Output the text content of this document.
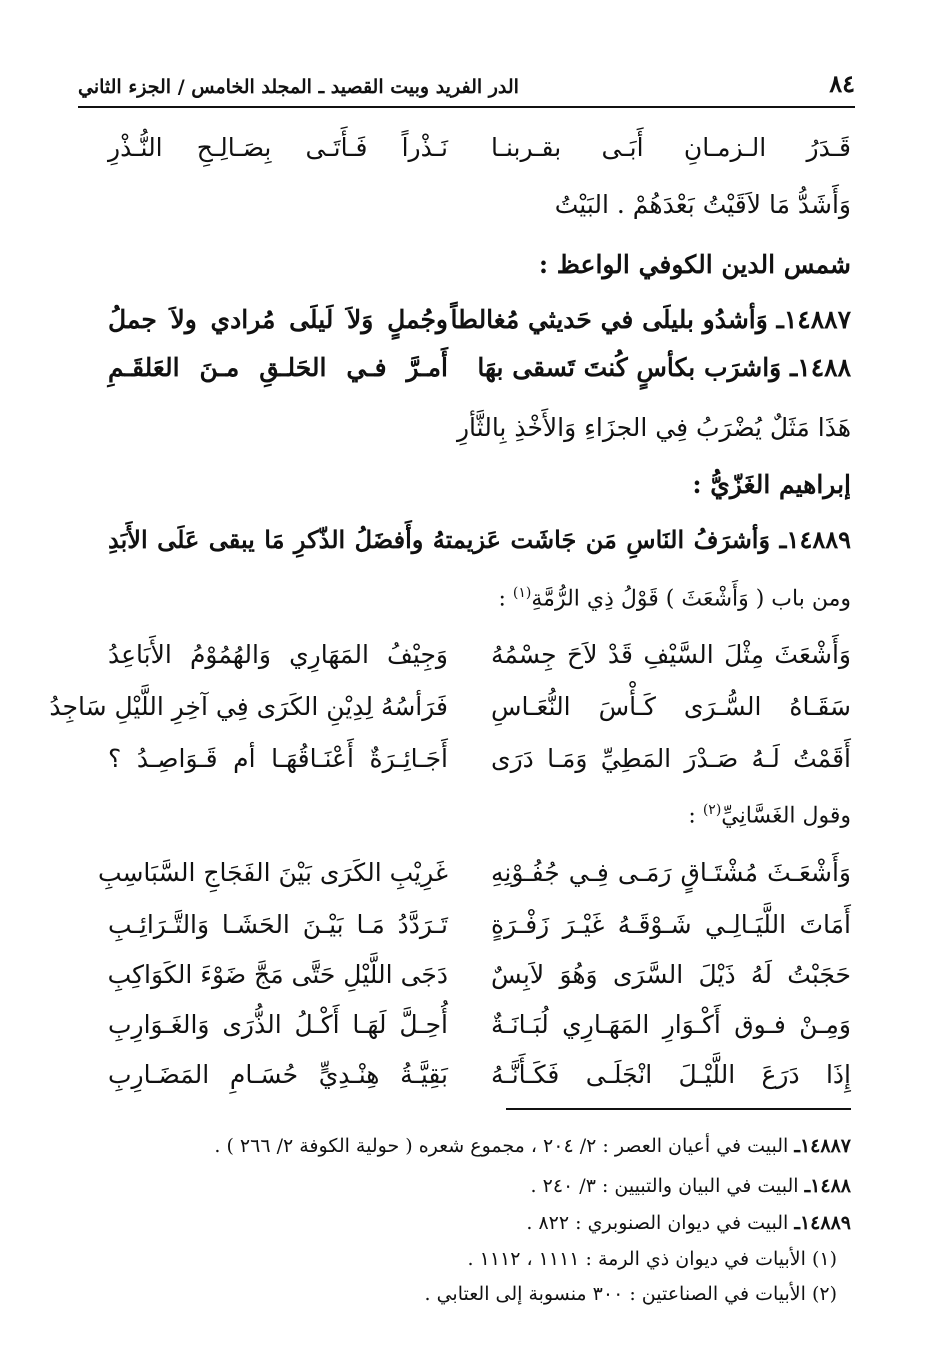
٨٤
الدر الفريد وبيت القصيد ـ المجلد الخامس / الجزء الثاني
قَـدَرُ الـزمـانِ أَبَـى بقـربنـا
نَـذْراً فَـأَتَـى بِصَـالِـحِ النُّـذْرِ
وَأَشَدُّ مَا لاَقَيْتُ بَعْدَهُمْ . البَيْتُ
شمس الدين الكوفي الواعظ :
١٤٨٨٧ـ وَأشدُو بليلَى في حَديثي مُغالطاً
وجُملٍ وَلاَ لَيلَى مُرادي ولاَ جملُ
١٤٨٨ـ وَاشرَب بكأسٍ كُنتَ تَسقى بهَا
أَمـرَّ فـي الحَلـقِ مـنَ العَلقَـمِ
هَذَا مَثَلٌ يُضْرَبُ فِي الجزَاءِ وَالأَخْذِ بِالثَّأرِ
إبراهيم الغَزّيُّ :
١٤٨٨٩ـ وَأشرَفُ النَاسِ مَن جَاشَت عَزيمتهُ وأَفضَلُ الذّكرِ مَا يبقى عَلَى الأَبَدِ
ومن باب ( وَأَشْعَثَ ) قَوْلُ ذِي الرُّمَّةِ$^{(١)}$ :
وَأَشْعَثَ مِثْلَ السَّيْفِ قَدْ لاَحَ جِسْمُهُ
وَجِيْفُ المَهَارِي وَالهُمُوْمُ الأَبَاعِدُ
سَقَـاهُ السُّـرَى كَـأْسَ النُّعَـاسِ
فَرَأسُهُ لِدِيْنِ الكَرَى فِي آخِرِ اللَّيْلِ سَاجِدُ
أَقَمْتُ لَـهُ صَـدْرَ المَطِيِّ وَمَـا دَرَى
أَجَـائِـرَةٌ أَعْنَـاقُهَـا أم قَـوَاصِـدُ ؟
وقول الغَسَّانِيِّ$^{(٢)}$ :
وَأَشْعَـثَ مُشْتَـاقٍ رَمَـى فِـي جُفُـوْنِهِ
غَرِيْبِ الكَرَى بَيْنَ الفَجَاجِ السَّبَاسِبِ
أَمَاتَ اللَّيَـالِـي شَـوْقَـهُ غَيْـرَ زَفْـرَةٍ
تَـرَدَّدُ مَـا بَيْـنَ الحَشَـا وَالتَّـرَائِـبِ
حَجَبْتُ لَهُ ذَيْلَ السَّرَى وَهُوَ لاَبِسٌ
دَجَى اللَّيْلِ حَتَّى مَجَّ ضَوْءَ الكَوَاكِبِ
وَمِـنْ فـوق أَكْـوَارِ المَهَـارِي لُبَـانَـةٌ
أُحِـلَّ لَهَـا أَكْـلُ الذُّرَى وَالغَـوَارِبِ
إِذَا دَرَعَ اللَّيْـلَ انْجَلَـى فَكَـأَنَّـهُ
بَقِيَّـةُ هِنْـدِيٍّ حُسَـامِ المَضَـارِبِ
١٤٨٨٧ـ البيت في أعيان العصر : ٢/ ٢٠٤ ، مجموع شعره ( حولية الكوفة ٢/ ٢٦٦ ) .
١٤٨٨ـ البيت في البيان والتبيين : ٣/ ٢٤٠ .
١٤٨٨٩ـ البيت في ديوان الصنوبري : ٨٢٢ .
(١) الأبيات في ديوان ذي الرمة : ١١١١ ، ١١١٢ .
(٢) الأبيات في الصناعتين : ٣٠٠ منسوبة إلى العتابي .
